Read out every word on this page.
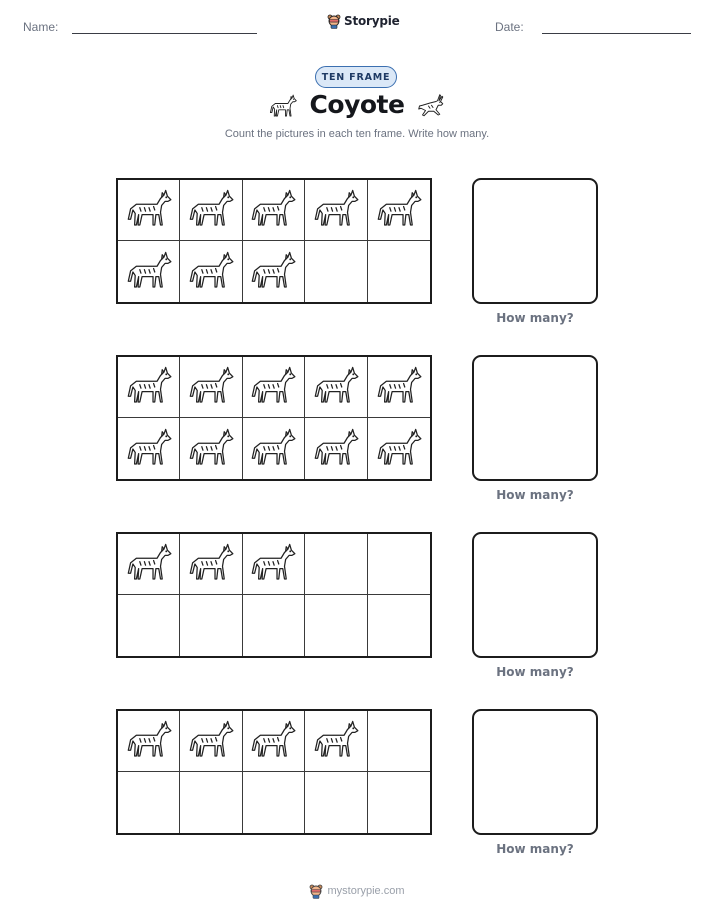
Name:	Storypie	Date:
TEN FRAME
Coyote
Count the pictures in each ten frame. Write how many.
How many?
How many?
How many?
How many?
mystorypie.com
